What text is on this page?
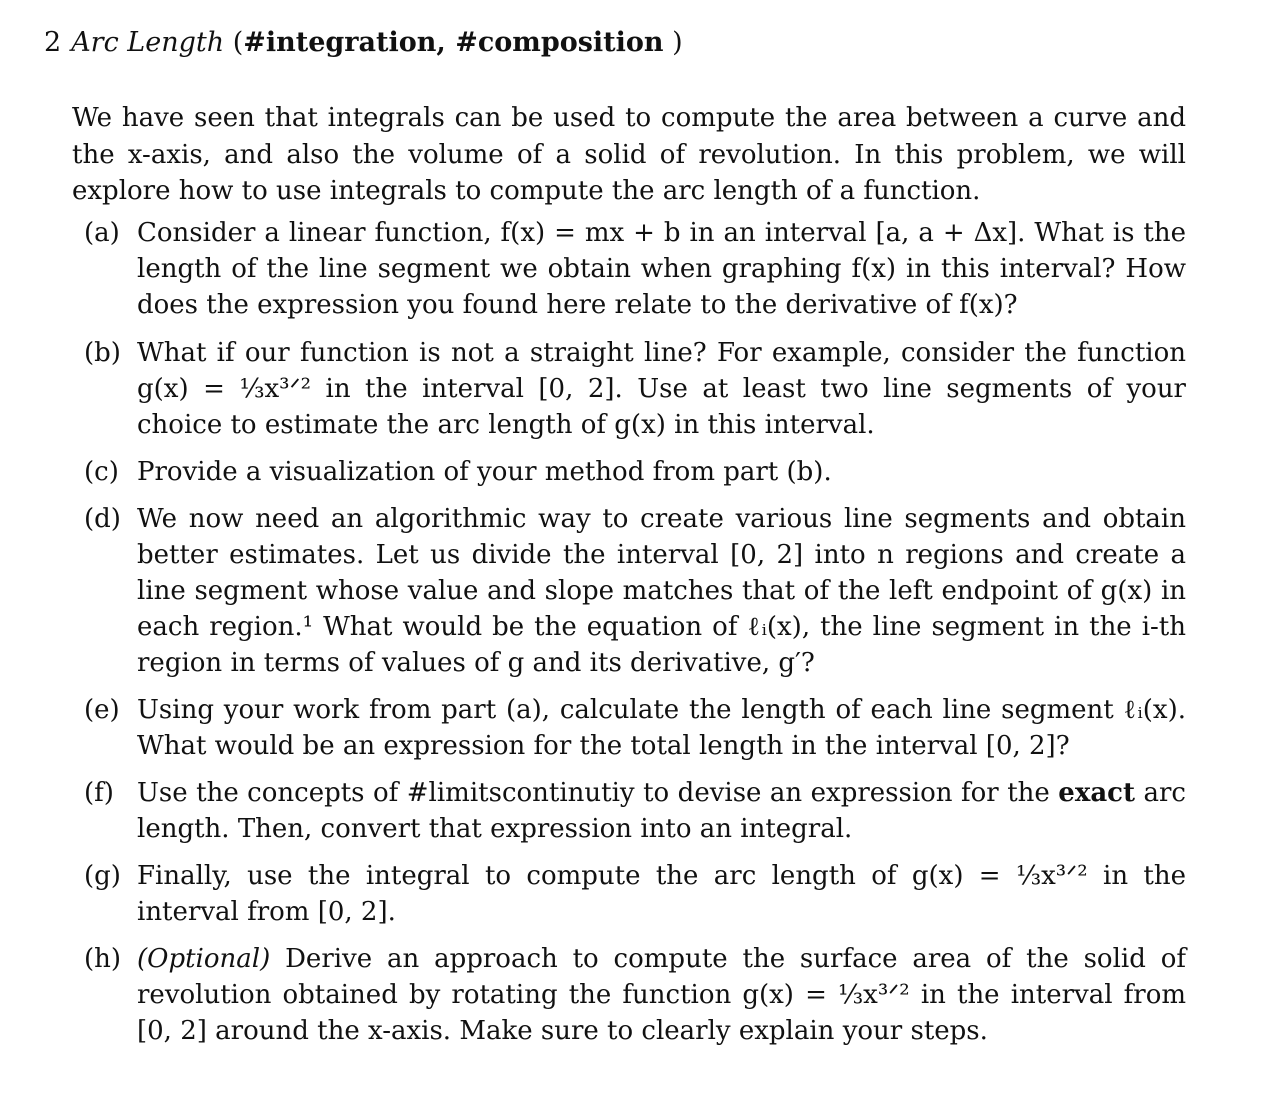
2 Arc Length (#integration, #composition )

We have seen that integrals can be used to compute the area between a curve and the x-axis, and also the volume of a solid of revolution. In this problem, we will explore how to use integrals to compute the arc length of a function.

(a) Consider a linear function, f(x) = mx + b in an interval [a, a + Δx]. What is the length of the line segment we obtain when graphing f(x) in this interval? How does the expression you found here relate to the derivative of f(x)?
(b) What if our function is not a straight line? For example, consider the function g(x) = ⅓x³ᐟ² in the interval [0, 2]. Use at least two line segments of your choice to estimate the arc length of g(x) in this interval.
(c) Provide a visualization of your method from part (b).
(d) We now need an algorithmic way to create various line segments and obtain better estimates. Let us divide the interval [0, 2] into n regions and create a line segment whose value and slope matches that of the left endpoint of g(x) in each region.¹ What would be the equation of ℓᵢ(x), the line segment in the i-th region in terms of values of g and its derivative, g′?
(e) Using your work from part (a), calculate the length of each line segment ℓᵢ(x). What would be an expression for the total length in the interval [0, 2]?
(f) Use the concepts of #limitscontinutiy to devise an expression for the exact arc length. Then, convert that expression into an integral.
(g) Finally, use the integral to compute the arc length of g(x) = ⅓x³ᐟ² in the interval from [0, 2].
(h) (Optional) Derive an approach to compute the surface area of the solid of revolution obtained by rotating the function g(x) = ⅓x³ᐟ² in the interval from [0, 2] around the x-axis. Make sure to clearly explain your steps.
